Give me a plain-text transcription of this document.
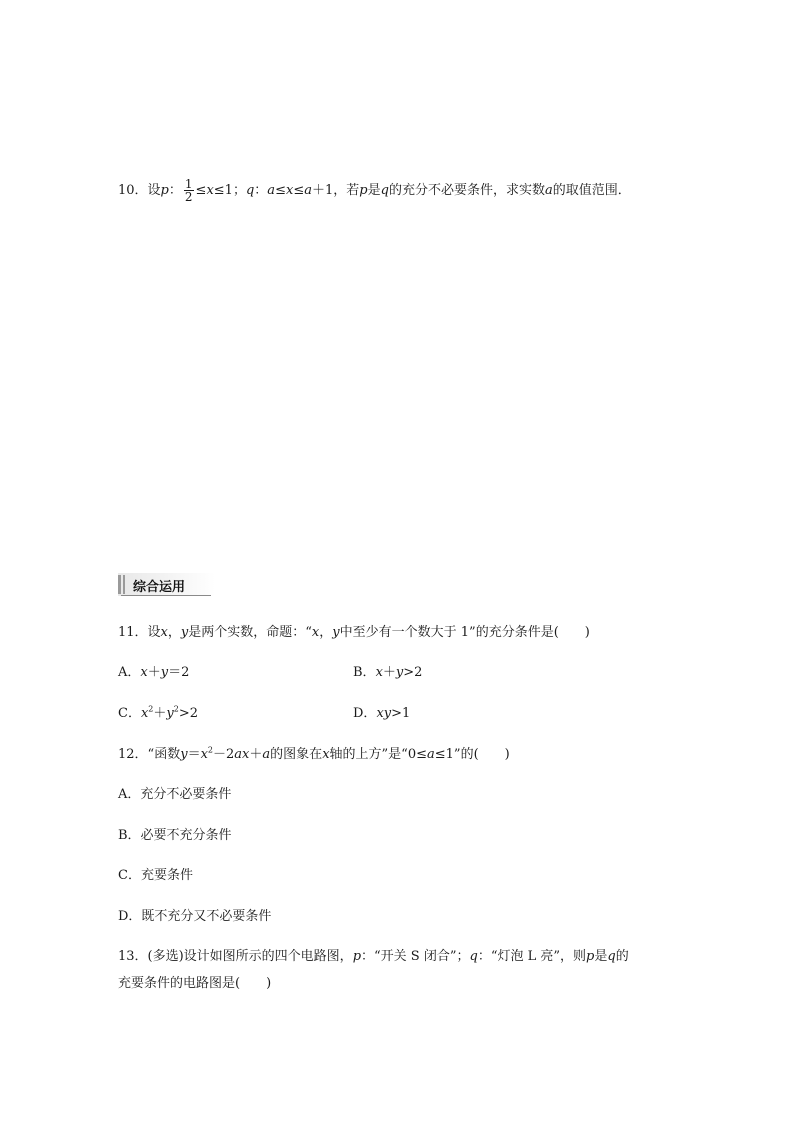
10．设p： $\frac{1}{2} \le x\le 1$；q：a≤x≤a＋1，若p是q的充分不必要条件，求实数a的取值范围．
综合运用
11．设x，y是两个实数，命题：“x，y中至少有一个数大于 1”的充分条件是(　　)
A．x＋y＝2	B．x＋y>2
C．$x^2+y^2>2$	D．xy>1
12．“函数$y=x^2-2ax+a$的图象在x轴的上方”是“0≤a≤1”的(　　)
A．充分不必要条件
B．必要不充分条件
C．充要条件
D．既不充分又不必要条件
13．(多选)设计如图所示的四个电路图，p：“开关 S 闭合”；q：“灯泡 L 亮”，则p是q的
充要条件的电路图是(　　)
